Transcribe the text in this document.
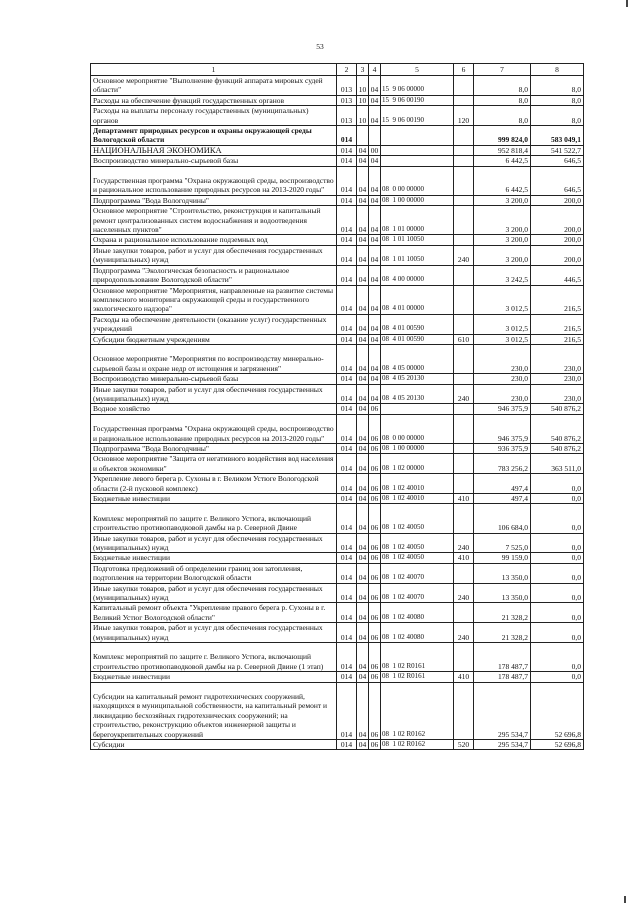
53
1	2	3	4	5	6	7	8
Основное мероприятие "Выполнение функций аппарата мировых судей области"	013	10	04	15  9 06 00000		8,0	8,0
Расходы на обеспечение функций государственных органов	013	10	04	15  9 06 00190		8,0	8,0
Расходы на выплаты персоналу государственных (муниципальных) органов	013	10	04	15  9 06 00190	120	8,0	8,0
Департамент природных ресурсов и охраны окружающей среды Вологодской области	014					999 824,0	583 049,1
НАЦИОНАЛЬНАЯ ЭКОНОМИКА	014	04	00			952 818,4	541 522,7
Воспроизводство минерально-сырьевой базы	014	04	04			6 442,5	646,5
Государственная программа "Охрана окружающей среды, воспроизводство и рациональное использование природных ресурсов на 2013-2020 годы"	014	04	04	08  0 00 00000		6 442,5	646,5
Подпрограмма "Вода Вологодчины"	014	04	04	08  1 00 00000		3 200,0	200,0
Основное мероприятие "Строительство, реконструкция и капитальный ремонт централизованных систем водоснабжения и водоотведения населенных пунктов"	014	04	04	08  1 01 00000		3 200,0	200,0
Охрана и рациональное использование подземных вод	014	04	04	08  1 01 10050		3 200,0	200,0
Иные закупки товаров, работ и услуг для обеспечения государственных (муниципальных) нужд	014	04	04	08  1 01 10050	240	3 200,0	200,0
Подпрограмма "Экологическая безопасность и рациональное природопользование Вологодской области"	014	04	04	08  4 00 00000		3 242,5	446,5
Основное мероприятие "Мероприятия, направленные на развитие системы комплексного мониторинга окружающей среды и государственного экологического надзора"	014	04	04	08  4 01 00000		3 012,5	216,5
Расходы на обеспечение деятельности (оказание услуг) государственных учреждений	014	04	04	08  4 01 00590		3 012,5	216,5
Субсидии бюджетным учреждениям	014	04	04	08  4 01 00590	610	3 012,5	216,5
Основное мероприятие "Мероприятия по воспроизводству минерально-сырьевой базы и охране недр от истощения и загрязнения"	014	04	04	08  4 05 00000		230,0	230,0
Воспроизводство минерально-сырьевой базы	014	04	04	08  4 05 20130		230,0	230,0
Иные закупки товаров, работ и услуг для обеспечения государственных (муниципальных) нужд	014	04	04	08  4 05 20130	240	230,0	230,0
Водное хозяйство	014	04	06			946 375,9	540 876,2
Государственная программа "Охрана окружающей среды, воспроизводство и рациональное использование природных ресурсов на 2013-2020 годы"	014	04	06	08  0 00 00000		946 375,9	540 876,2
Подпрограмма "Вода Вологодчины"	014	04	06	08  1 00 00000		936 375,9	540 876,2
Основное мероприятие "Защита от негативного воздействия вод населения и объектов экономики"	014	04	06	08  1 02 00000		783 256,2	363 511,0
Укрепление левого берега р. Сухоны в г. Великом Устюге Вологодской области (2-й пусковой комплекс)	014	04	06	08  1 02 40010		497,4	0,0
Бюджетные инвестиции	014	04	06	08  1 02 40010	410	497,4	0,0
Комплекс мероприятий по защите г. Великого Устюга, включающий строительство противопаводковой дамбы на р. Северной Двине	014	04	06	08  1 02 40050		106 684,0	0,0
Иные закупки товаров, работ и услуг для обеспечения государственных (муниципальных) нужд	014	04	06	08  1 02 40050	240	7 525,0	0,0
Бюджетные инвестиции	014	04	06	08  1 02 40050	410	99 159,0	0,0
Подготовка предложений об определении границ зон затопления, подтопления на территории Вологодской области	014	04	06	08  1 02 40070		13 350,0	0,0
Иные закупки товаров, работ и услуг для обеспечения государственных (муниципальных) нужд	014	04	06	08  1 02 40070	240	13 350,0	0,0
Капитальный ремонт объекта "Укрепление правого берега р. Сухоны в г. Великий Устюг Вологодской области"	014	04	06	08  1 02 40080		21 328,2	0,0
Иные закупки товаров, работ и услуг для обеспечения государственных (муниципальных) нужд	014	04	06	08  1 02 40080	240	21 328,2	0,0
Комплекс мероприятий по защите г. Великого Устюга, включающий строительство противопаводковой дамбы на р. Северной Двине (1 этап)	014	04	06	08  1 02 R0161		178 487,7	0,0
Бюджетные инвестиции	014	04	06	08  1 02 R0161	410	178 487,7	0,0
Субсидии на капитальный ремонт гидротехнических сооружений, находящихся в муниципальной собственности, на капитальный ремонт и ликвидацию бесхозяйных гидротехнических сооружений; на строительство, реконструкцию объектов инженерной защиты и берегоукрепительных сооружений	014	04	06	08  1 02 R0162		295 534,7	52 696,8
Субсидии	014	04	06	08  1 02 R0162	520	295 534,7	52 696,8
